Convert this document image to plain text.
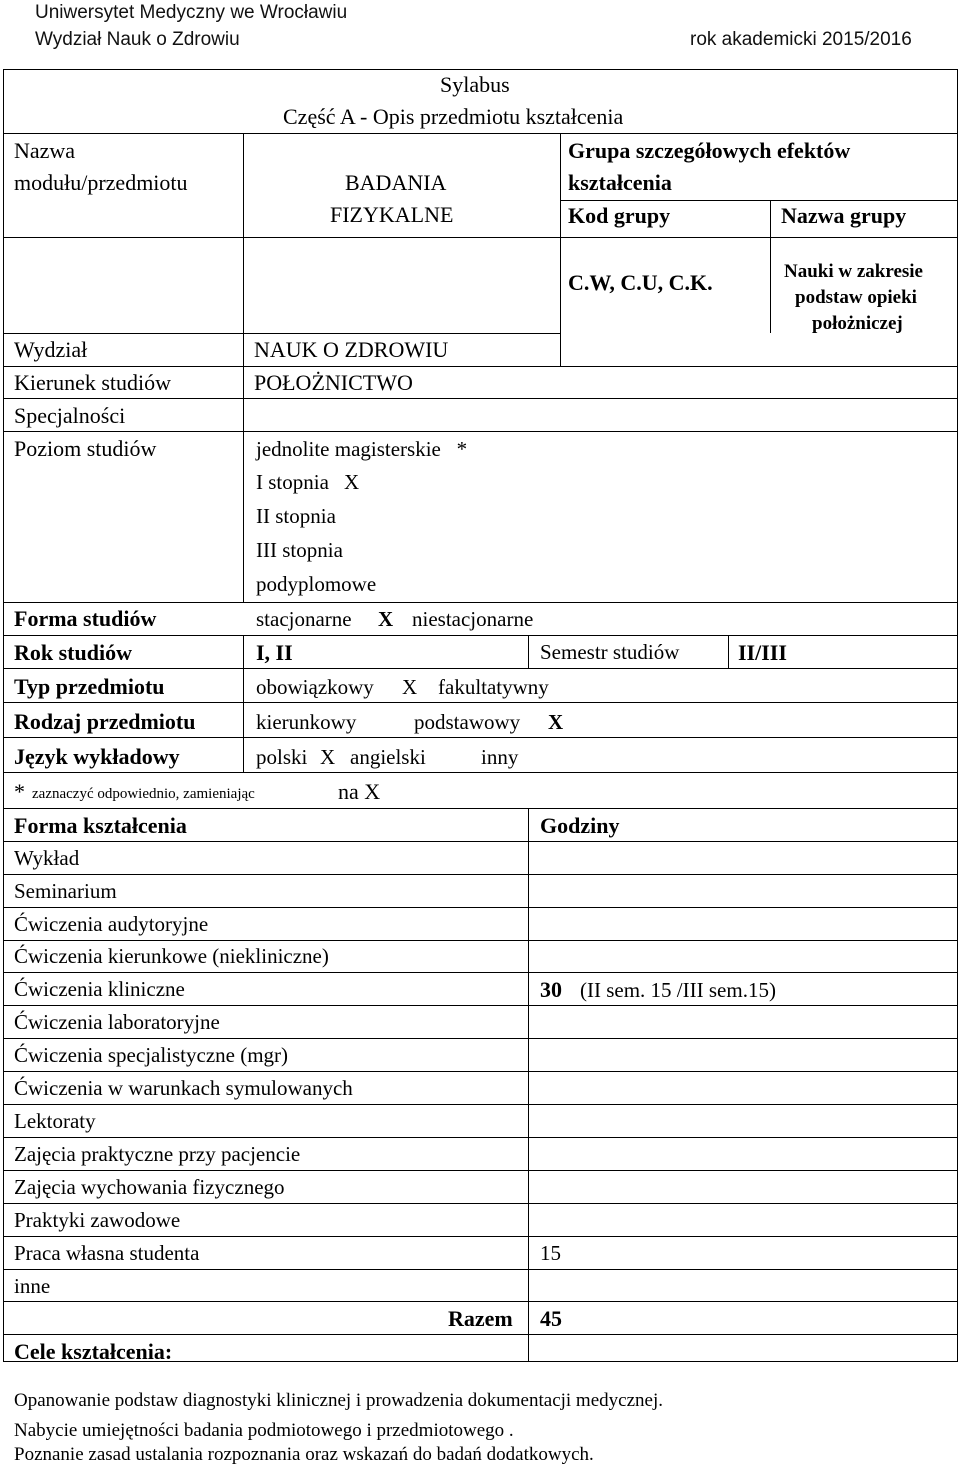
Uniwersytet Medyczny we Wrocławiu
Wydział Nauk o Zdrowiu	rok akademicki 2015/2016
Sylabus
Część A - Opis przedmiotu kształcenia
Nazwa
modułu/przedmiotu	BADANIA
FIZYKALNE
Grupa szczegółowych efektów
kształcenia
Kod grupy	Nazwa grupy
C.W, C.U, C.K.	Nauki w zakresie
podstaw opieki
położniczej
Wydział	NAUK O ZDROWIU
Kierunek studiów	POŁOŻNICTWO
Specjalności
Poziom studiów	jednolite magisterskie   *
I stopnia X
II stopnia
III stopnia
podyplomowe
Forma studiów	stacjonarne X niestacjonarne
Rok studiów	I, II	Semestr studiów	II/III
Typ przedmiotu	obowiązkowy X fakultatywny
Rodzaj przedmiotu	kierunkowy	podstawowy X
Język wykładowy	polski X angielski	inny
* zaznaczyć odpowiednio, zamieniając	na X
Forma kształcenia	Godziny
Wykład
Seminarium
Ćwiczenia audytoryjne
Ćwiczenia kierunkowe (niekliniczne)
Ćwiczenia kliniczne	30 (II sem. 15 /III sem.15)
Ćwiczenia laboratoryjne
Ćwiczenia specjalistyczne (mgr)
Ćwiczenia w warunkach symulowanych
Lektoraty
Zajęcia praktyczne przy pacjencie
Zajęcia wychowania fizycznego
Praktyki zawodowe
Praca własna studenta	15
inne
Razem 45
Cele kształcenia:
Opanowanie podstaw diagnostyki klinicznej i prowadzenia dokumentacji medycznej.
Nabycie umiejętności badania podmiotowego i przedmiotowego .
Poznanie zasad ustalania rozpoznania oraz wskazań do badań dodatkowych.
